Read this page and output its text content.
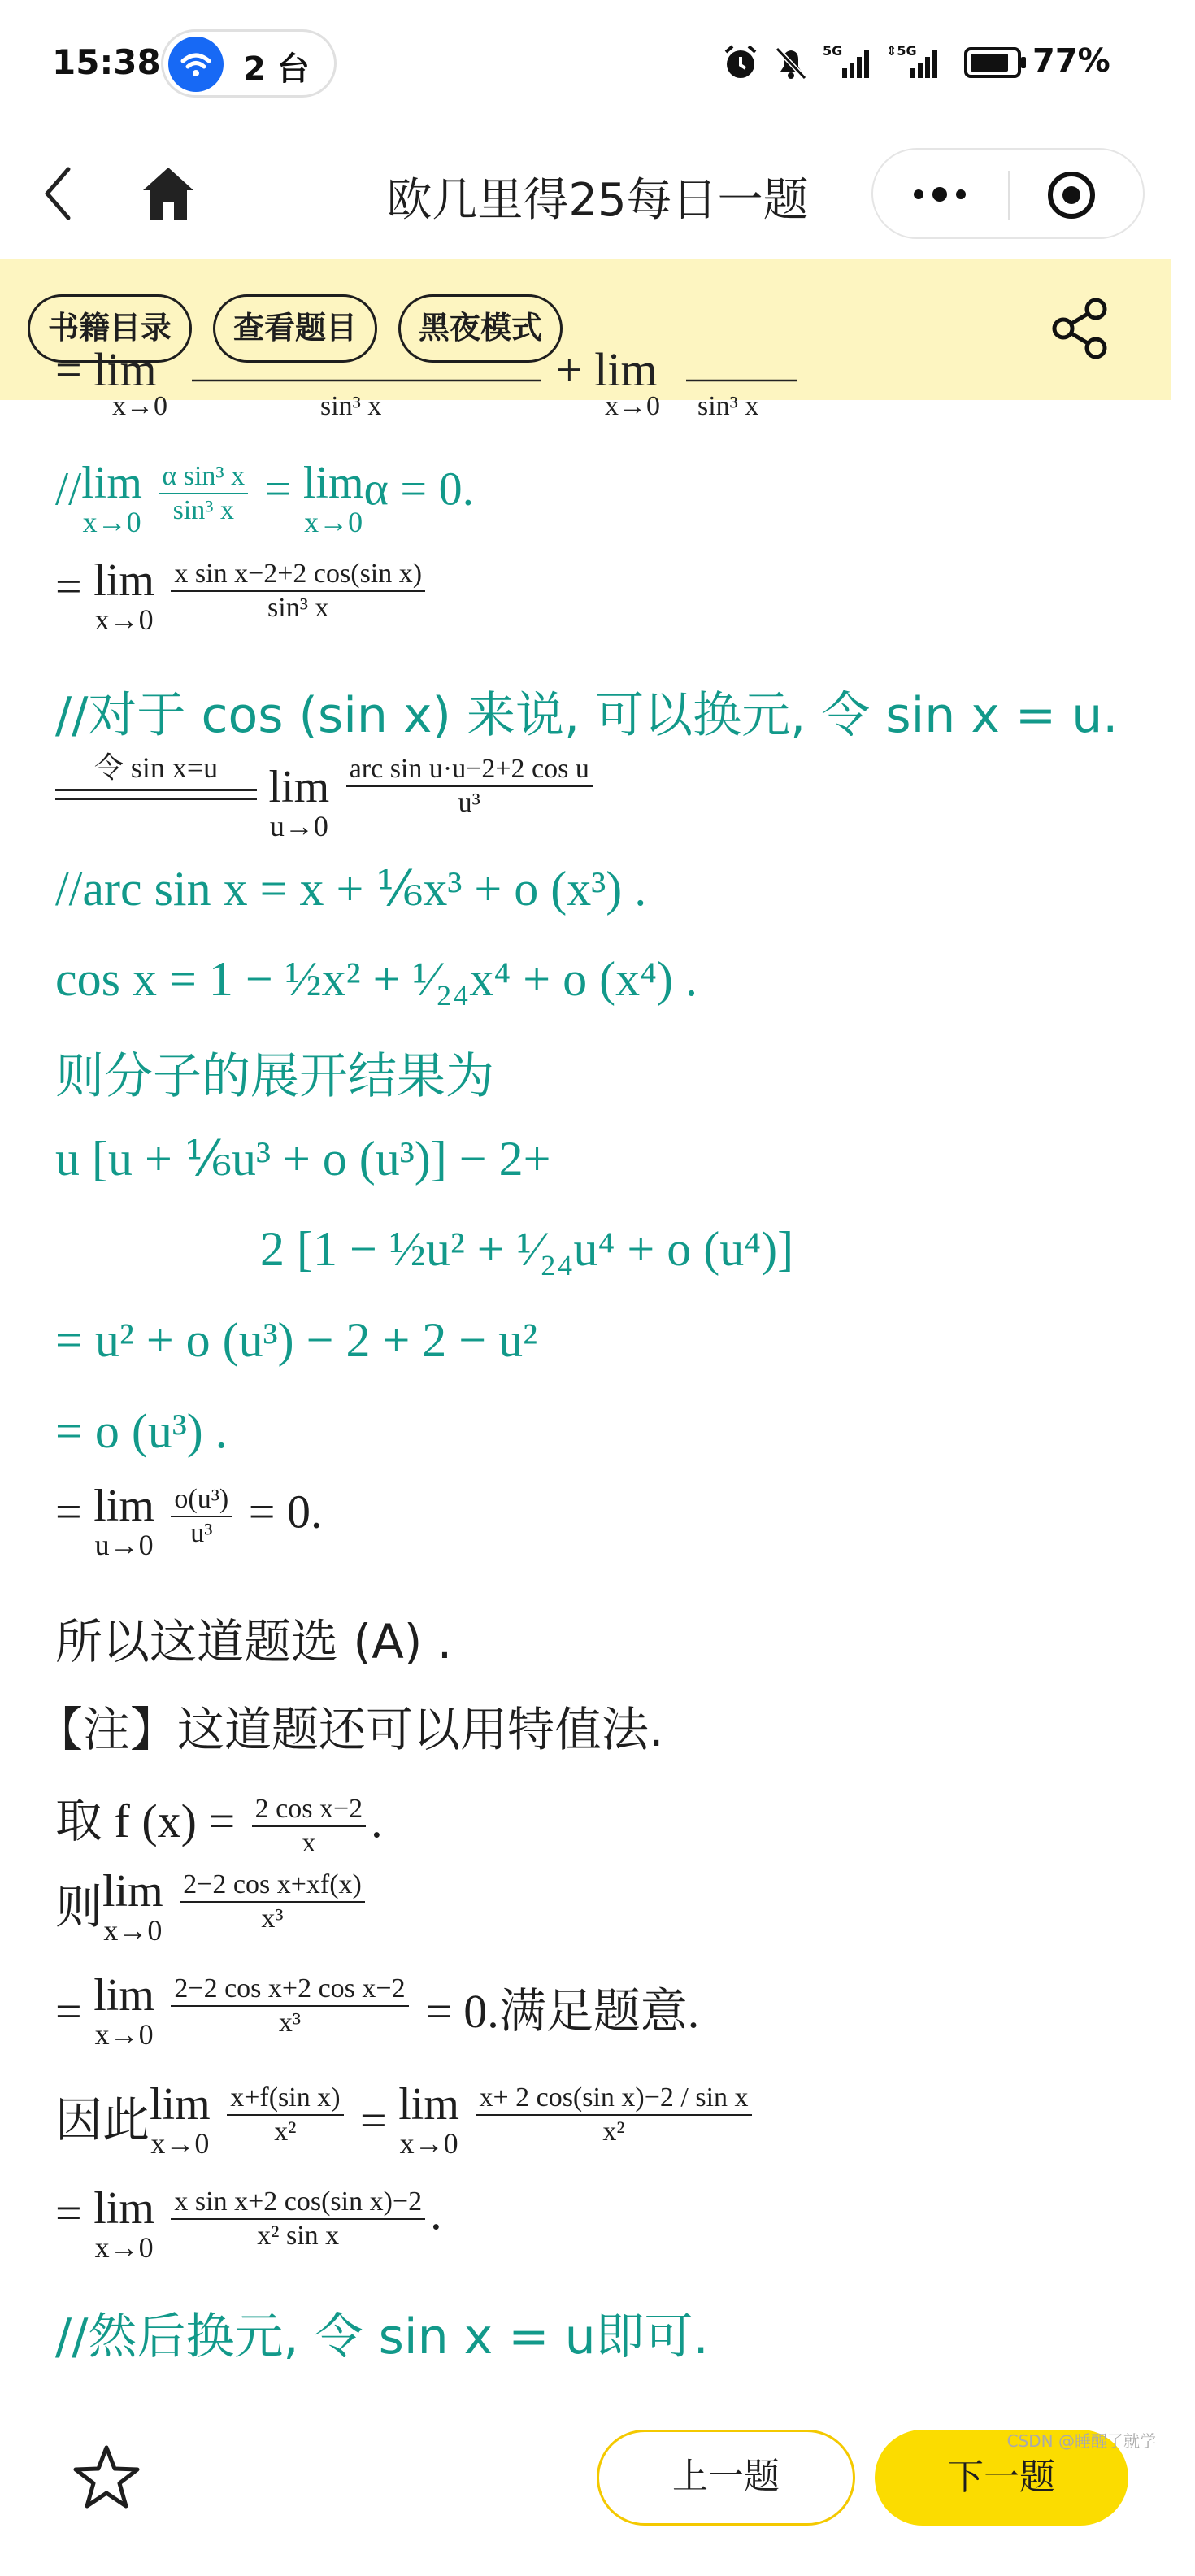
15:38	2 台	5G	⇕5G	77%
欧几里得25每日一题
书籍目录	查看题目	黑夜模式
= lim
x→0	sin³ x
+ lim
x→0 sin³ x
// lim
x→0
$\frac{\text{α sin³ x}}{\text{sin³ x}} = \lim$
x→0
α = 0.
= lim
x→0
$\frac{\text{x sin x−2+2 cos(sin x)}}{\text{sin³ x}}$
//对于 cos (sin x) 来说, 可以换元, 令 sin x = u.
令 sin x=u
	lim
u→0

$\frac{\text{arc sin u·u−2+2 cos u}}{\text{u³}}$
//arc sin x = x + ⅙x³ + o (x³) .
cos x = 1 − ½x² + ¹⁄₂₄x⁴ + o (x⁴) .
则分子的展开结果为
u [u + ⅙u³ + o (u³)] − 2+
2 [1 − ½u² + ¹⁄₂₄u⁴ + o (u⁴)]
= u² + o (u³) − 2 + 2 − u²
= o (u³) .
= lim
u→0
$\frac{\text{o(u³)}}{\text{u³}} = 0$.
所以这道题选 (A) .
【注】这道题还可以用特值法.
取 f $(x) = \frac{\text{2 cos x−2}}{x}$ .
则 lim
x→0
$\frac{\text{2−2 cos x+xf(x)}}{\text{x³}}$
= lim
x→0
$\frac{\text{2−2 cos x+2 cos x−2}}{\text{x³}} = 0$.满足题意.
因此 lim
x→0
$\frac{\text{x+f(sin x)}}{\text{x²}} = \lim$
x→0
$\frac{\text{x+ 2 cos(sin x)−2 / sin x}}{\text{x²}}$
= lim
x→0
$\frac{\text{x sin x+2 cos(sin x)−2}}{\text{x² sin x}}$ .
//然后换元, 令 sin x = u即可.
上一题	下一题
CSDN @睡醒了就学
